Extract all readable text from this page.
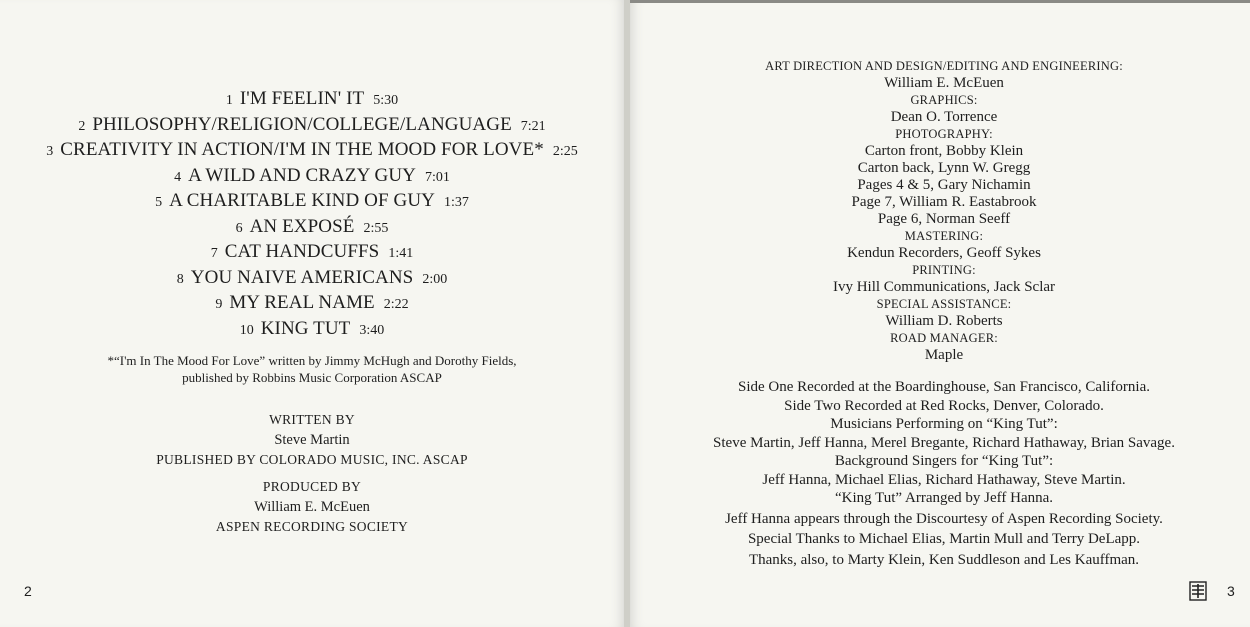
1 I'M FEELIN' IT 5:30
2 PHILOSOPHY/RELIGION/COLLEGE/LANGUAGE 7:21
3 CREATIVITY IN ACTION/I'M IN THE MOOD FOR LOVE* 2:25
4 A WILD AND CRAZY GUY 7:01
5 A CHARITABLE KIND OF GUY 1:37
6 AN EXPOSÉ 2:55
7 CAT HANDCUFFS 1:41
8 YOU NAIVE AMERICANS 2:00
9 MY REAL NAME 2:22
10 KING TUT 3:40
*“I'm In The Mood For Love” written by Jimmy McHugh and Dorothy Fields,
published by Robbins Music Corporation ASCAP
WRITTEN BY
Steve Martin
PUBLISHED BY COLORADO MUSIC, INC. ASCAP
PRODUCED BY
William E. McEuen
ASPEN RECORDING SOCIETY
2
ART DIRECTION AND DESIGN/EDITING AND ENGINEERING:
William E. McEuen
GRAPHICS:
Dean O. Torrence
PHOTOGRAPHY:
Carton front, Bobby Klein
Carton back, Lynn W. Gregg
Pages 4 & 5, Gary Nichamin
Page 7, William R. Eastabrook
Page 6, Norman Seeff
MASTERING:
Kendun Recorders, Geoff Sykes
PRINTING:
Ivy Hill Communications, Jack Sclar
SPECIAL ASSISTANCE:
William D. Roberts
ROAD MANAGER:
Maple

Side One Recorded at the Boardinghouse, San Francisco, California.

Side Two Recorded at Red Rocks, Denver, Colorado.

Musicians Performing on “King Tut”:

Steve Martin, Jeff Hanna, Merel Bregante, Richard Hathaway, Brian Savage.

Background Singers for “King Tut”:

Jeff Hanna, Michael Elias, Richard Hathaway, Steve Martin.

“King Tut” Arranged by Jeff Hanna.

Jeff Hanna appears through the Discourtesy of Aspen Recording Society.

Special Thanks to Michael Elias, Martin Mull and Terry DeLapp.

Thanks, also, to Marty Klein, Ken Suddleson and Les Kauffman.

3
